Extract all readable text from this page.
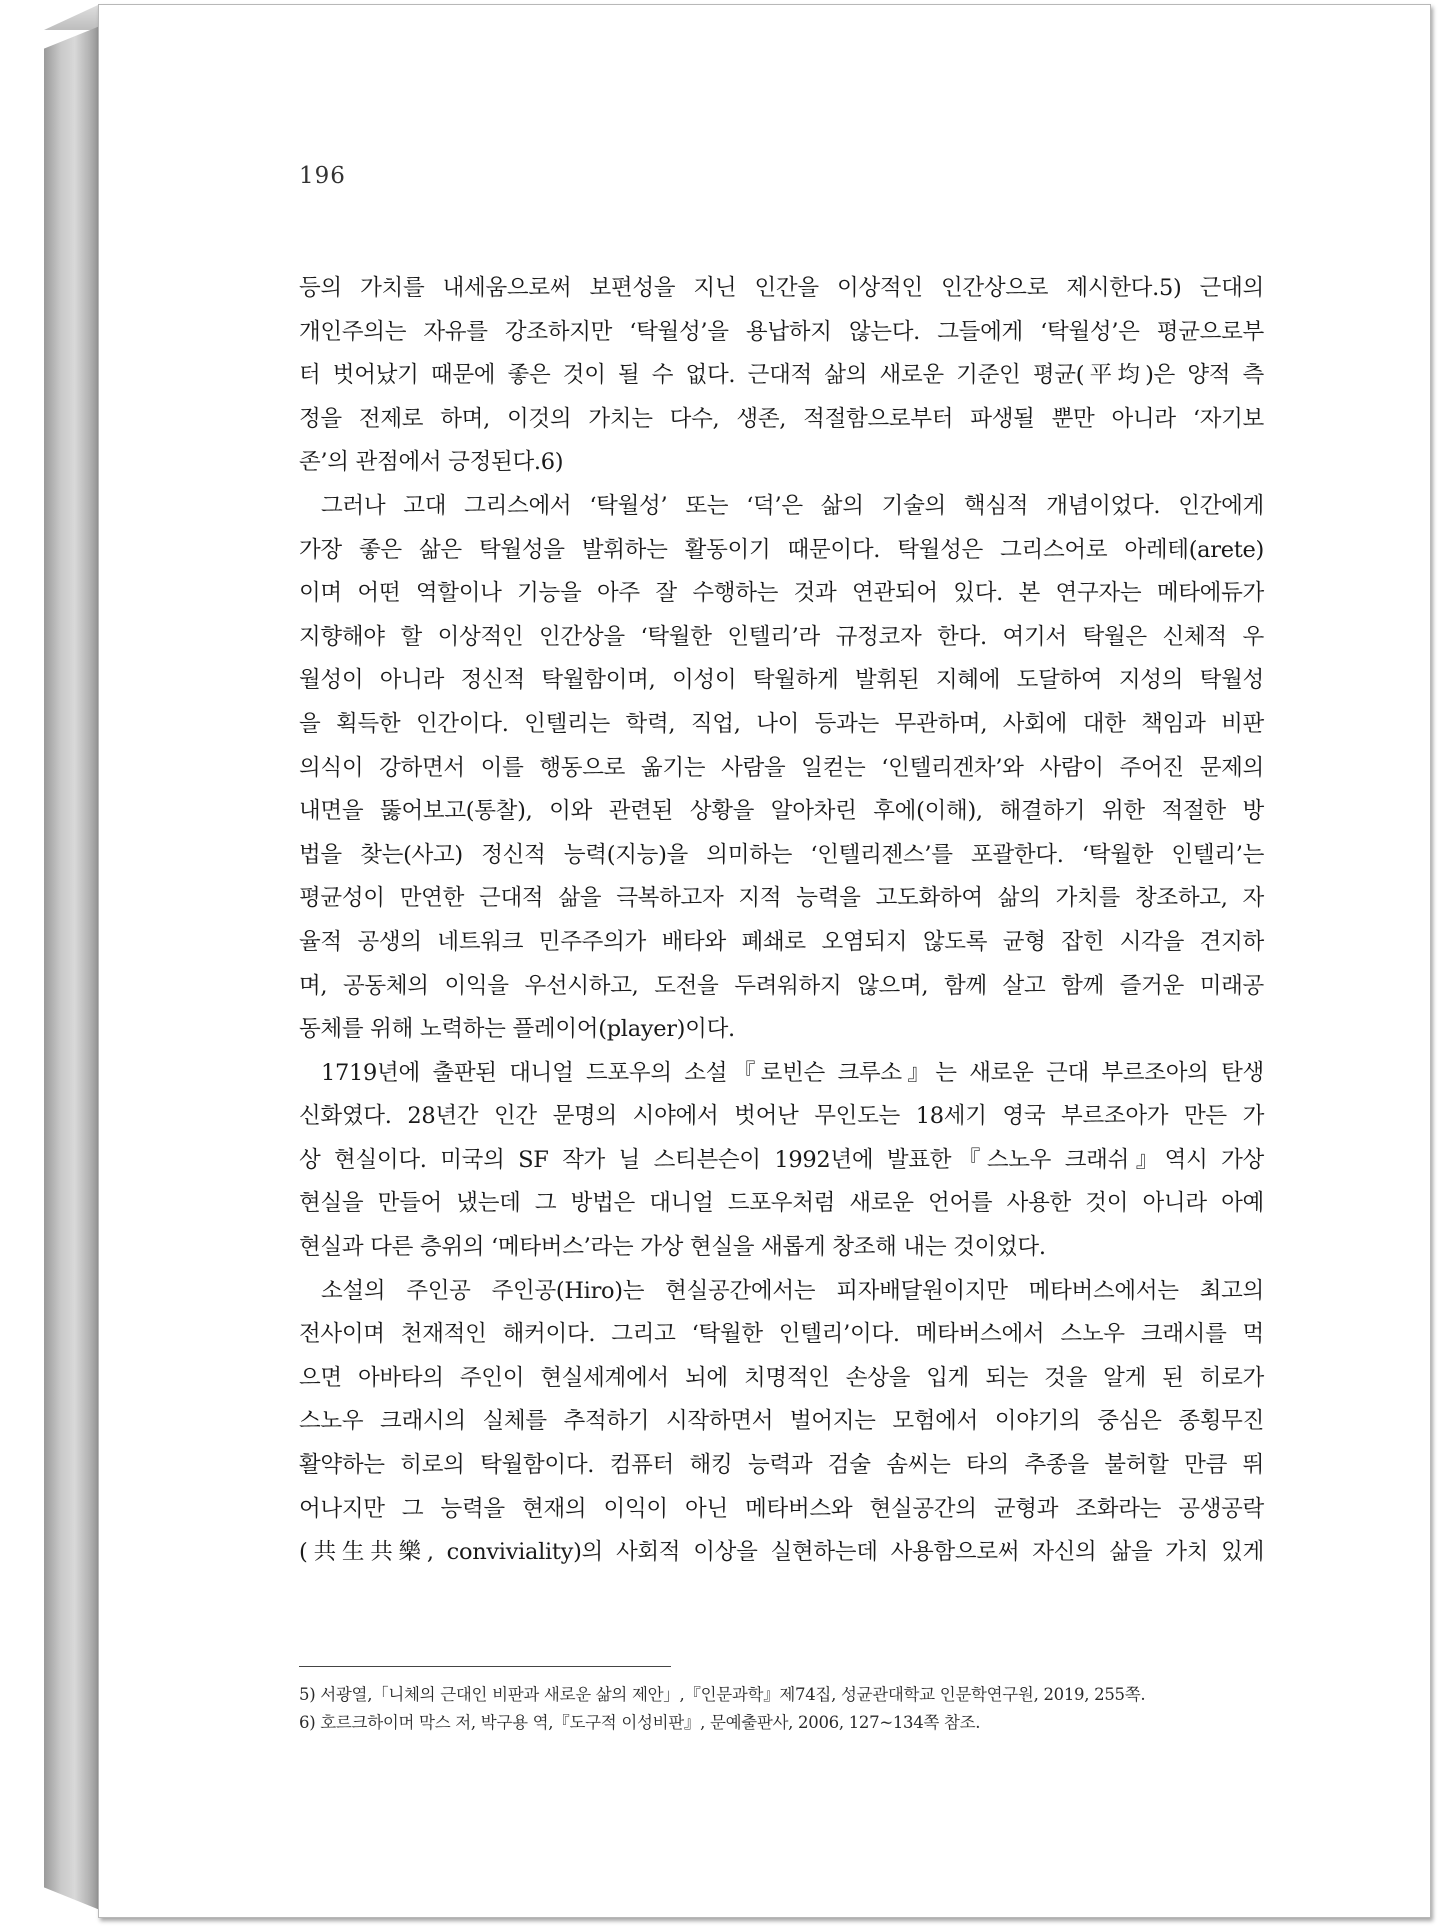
196
등의 가치를 내세움으로써 보편성을 지닌 인간을 이상적인 인간상으로 제시한다.5) 근대의
개인주의는 자유를 강조하지만 ‘탁월성’을 용납하지 않는다. 그들에게 ‘탁월성’은 평균으로부
터 벗어났기 때문에 좋은 것이 될 수 없다. 근대적 삶의 새로운 기준인 평균(平均)은 양적 측
정을 전제로 하며, 이것의 가치는 다수, 생존, 적절함으로부터 파생될 뿐만 아니라 ‘자기보
존’의 관점에서 긍정된다.6)
그러나 고대 그리스에서 ‘탁월성’ 또는 ‘덕’은 삶의 기술의 핵심적 개념이었다. 인간에게
가장 좋은 삶은 탁월성을 발휘하는 활동이기 때문이다. 탁월성은 그리스어로 아레테(arete)
이며 어떤 역할이나 기능을 아주 잘 수행하는 것과 연관되어 있다. 본 연구자는 메타에듀가
지향해야 할 이상적인 인간상을 ‘탁월한 인텔리’라 규정코자 한다. 여기서 탁월은 신체적 우
월성이 아니라 정신적 탁월함이며, 이성이 탁월하게 발휘된 지혜에 도달하여 지성의 탁월성
을 획득한 인간이다. 인텔리는 학력, 직업, 나이 등과는 무관하며, 사회에 대한 책임과 비판
의식이 강하면서 이를 행동으로 옮기는 사람을 일컫는 ‘인텔리겐차’와 사람이 주어진 문제의
내면을 뚫어보고(통찰), 이와 관련된 상황을 알아차린 후에(이해), 해결하기 위한 적절한 방
법을 찾는(사고) 정신적 능력(지능)을 의미하는 ‘인텔리젠스’를 포괄한다. ‘탁월한 인텔리’는
평균성이 만연한 근대적 삶을 극복하고자 지적 능력을 고도화하여 삶의 가치를 창조하고, 자
율적 공생의 네트워크 민주주의가 배타와 폐쇄로 오염되지 않도록 균형 잡힌 시각을 견지하
며, 공동체의 이익을 우선시하고, 도전을 두려워하지 않으며, 함께 살고 함께 즐거운 미래공
동체를 위해 노력하는 플레이어(player)이다.
1719년에 출판된 대니얼 드포우의 소설『로빈슨 크루소』는 새로운 근대 부르조아의 탄생
신화였다. 28년간 인간 문명의 시야에서 벗어난 무인도는 18세기 영국 부르조아가 만든 가
상 현실이다. 미국의 SF 작가 닐 스티븐슨이 1992년에 발표한『스노우 크래쉬』역시 가상
현실을 만들어 냈는데 그 방법은 대니얼 드포우처럼 새로운 언어를 사용한 것이 아니라 아예
현실과 다른 층위의 ‘메타버스’라는 가상 현실을 새롭게 창조해 내는 것이었다.
소설의 주인공 주인공(Hiro)는 현실공간에서는 피자배달원이지만 메타버스에서는 최고의
전사이며 천재적인 해커이다. 그리고 ‘탁월한 인텔리’이다. 메타버스에서 스노우 크래시를 먹
으면 아바타의 주인이 현실세계에서 뇌에 치명적인 손상을 입게 되는 것을 알게 된 히로가
스노우 크래시의 실체를 추적하기 시작하면서 벌어지는 모험에서 이야기의 중심은 종횡무진
활약하는 히로의 탁월함이다. 컴퓨터 해킹 능력과 검술 솜씨는 타의 추종을 불허할 만큼 뛰
어나지만 그 능력을 현재의 이익이 아닌 메타버스와 현실공간의 균형과 조화라는 공생공락
(共生共樂, conviviality)의 사회적 이상을 실현하는데 사용함으로써 자신의 삶을 가치 있게
5) 서광열,「니체의 근대인 비판과 새로운 삶의 제안」,『인문과학』제74집, 성균관대학교 인문학연구원, 2019, 255쪽.
6) 호르크하이머 막스 저, 박구용 역,『도구적 이성비판』, 문예출판사, 2006, 127~134쪽 참조.
